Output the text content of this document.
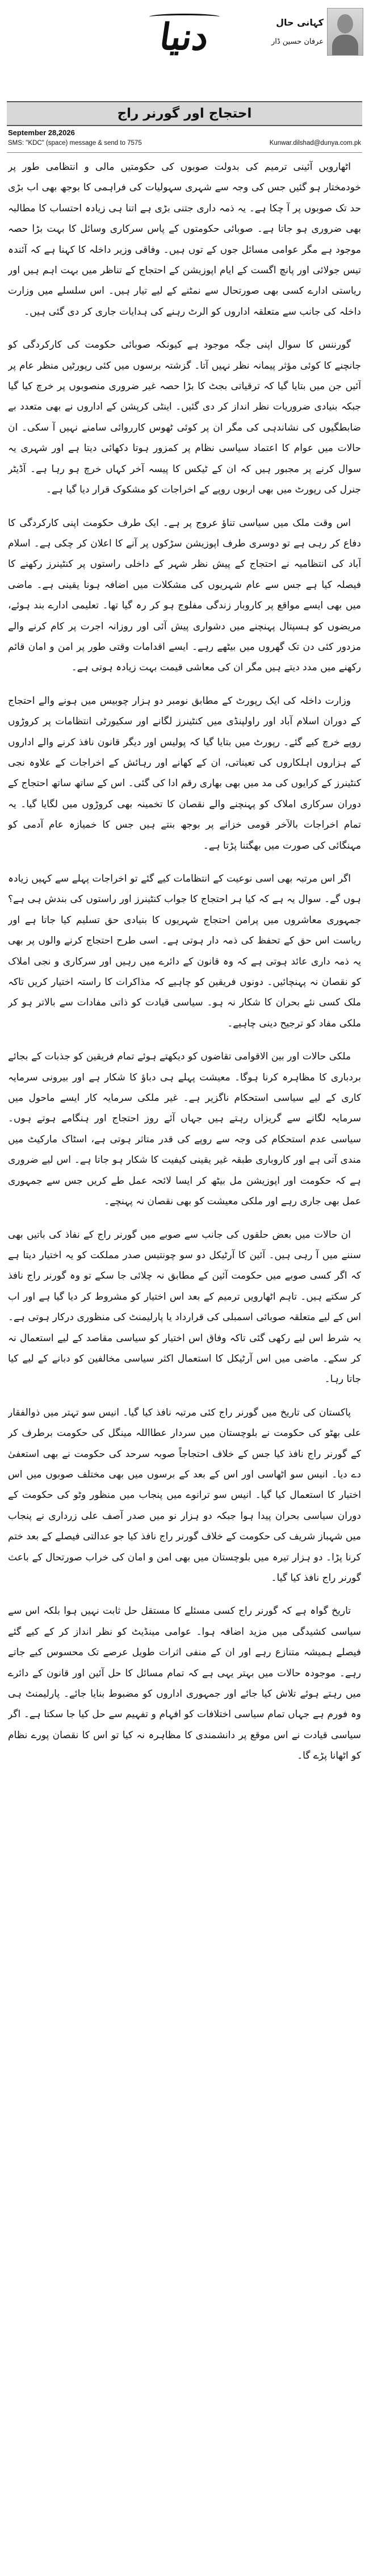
دنیا	کہانی حال
عرفان حسین ڈار
احتجاج اور گورنر راج
September 28,2026
SMS: "KDC" (space) message & send to 7575	Kunwar.dilshad@dunya.com.pk

اٹھارویں آئینی ترمیم کی بدولت صوبوں کی حکومتیں مالی و انتظامی طور پر خودمختار ہو گئیں جس کی وجہ سے شہری سہولیات کی فراہمی کا بوجھ بھی اب بڑی حد تک صوبوں پر آ چکا ہے۔ یہ ذمہ داری جتنی بڑی ہے اتنا ہی زیادہ احتساب کا مطالبہ بھی ضروری ہو جاتا ہے۔ صوبائی حکومتوں کے پاس سرکاری وسائل کا بہت بڑا حصہ موجود ہے مگر عوامی مسائل جوں کے توں ہیں۔ وفاقی وزیر داخلہ کا کہنا ہے کہ آئندہ تیس جولائی اور پانچ اگست کے ایام اپوزیشن کے احتجاج کے تناظر میں بہت اہم ہیں اور ریاستی ادارے کسی بھی صورتحال سے نمٹنے کے لیے تیار ہیں۔ اس سلسلے میں وزارت داخلہ کی جانب سے متعلقہ اداروں کو الرٹ رہنے کی ہدایات جاری کر دی گئی ہیں۔

گورننس کا سوال اپنی جگہ موجود ہے کیونکہ صوبائی حکومت کی کارکردگی کو جانچنے کا کوئی مؤثر پیمانہ نظر نہیں آتا۔ گزشتہ برسوں میں کئی رپورٹیں منظر عام پر آئیں جن میں بتایا گیا کہ ترقیاتی بجٹ کا بڑا حصہ غیر ضروری منصوبوں پر خرچ کیا گیا جبکہ بنیادی ضروریات نظر انداز کر دی گئیں۔ اینٹی کرپشن کے اداروں نے بھی متعدد بے ضابطگیوں کی نشاندہی کی مگر ان پر کوئی ٹھوس کارروائی سامنے نہیں آ سکی۔ ان حالات میں عوام کا اعتماد سیاسی نظام پر کمزور ہوتا دکھائی دیتا ہے اور شہری یہ سوال کرنے پر مجبور ہیں کہ ان کے ٹیکس کا پیسہ آخر کہاں خرچ ہو رہا ہے۔ آڈیٹر جنرل کی رپورٹ میں بھی اربوں روپے کے اخراجات کو مشکوک قرار دیا گیا ہے۔

اس وقت ملک میں سیاسی تناؤ عروج پر ہے۔ ایک طرف حکومت اپنی کارکردگی کا دفاع کر رہی ہے تو دوسری طرف اپوزیشن سڑکوں پر آنے کا اعلان کر چکی ہے۔ اسلام آباد کی انتظامیہ نے احتجاج کے پیش نظر شہر کے داخلی راستوں پر کنٹینرز رکھنے کا فیصلہ کیا ہے جس سے عام شہریوں کی مشکلات میں اضافہ ہونا یقینی ہے۔ ماضی میں بھی ایسے مواقع پر کاروبار زندگی مفلوج ہو کر رہ گیا تھا۔ تعلیمی ادارے بند ہوئے، مریضوں کو ہسپتال پہنچنے میں دشواری پیش آئی اور روزانہ اجرت پر کام کرنے والے مزدور کئی دن تک گھروں میں بیٹھے رہے۔ ایسے اقدامات وقتی طور پر امن و امان قائم رکھنے میں مدد دیتے ہیں مگر ان کی معاشی قیمت بہت زیادہ ہوتی ہے۔

وزارت داخلہ کی ایک رپورٹ کے مطابق نومبر دو ہزار چوبیس میں ہونے والے احتجاج کے دوران اسلام آباد اور راولپنڈی میں کنٹینرز لگانے اور سکیورٹی انتظامات پر کروڑوں روپے خرچ کیے گئے۔ رپورٹ میں بتایا گیا کہ پولیس اور دیگر قانون نافذ کرنے والے اداروں کے ہزاروں اہلکاروں کی تعیناتی، ان کے کھانے اور رہائش کے اخراجات کے علاوہ نجی کنٹینرز کے کرایوں کی مد میں بھی بھاری رقم ادا کی گئی۔ اس کے ساتھ ساتھ احتجاج کے دوران سرکاری املاک کو پہنچنے والے نقصان کا تخمینہ بھی کروڑوں میں لگایا گیا۔ یہ تمام اخراجات بالآخر قومی خزانے پر بوجھ بنتے ہیں جس کا خمیازہ عام آدمی کو مہنگائی کی صورت میں بھگتنا پڑتا ہے۔

اگر اس مرتبہ بھی اسی نوعیت کے انتظامات کیے گئے تو اخراجات پہلے سے کہیں زیادہ ہوں گے۔ سوال یہ ہے کہ کیا ہر احتجاج کا جواب کنٹینرز اور راستوں کی بندش ہی ہے؟ جمہوری معاشروں میں پرامن احتجاج شہریوں کا بنیادی حق تسلیم کیا جاتا ہے اور ریاست اس حق کے تحفظ کی ذمہ دار ہوتی ہے۔ اسی طرح احتجاج کرنے والوں پر بھی یہ ذمہ داری عائد ہوتی ہے کہ وہ قانون کے دائرے میں رہیں اور سرکاری و نجی املاک کو نقصان نہ پہنچائیں۔ دونوں فریقین کو چاہیے کہ مذاکرات کا راستہ اختیار کریں تاکہ ملک کسی نئے بحران کا شکار نہ ہو۔ سیاسی قیادت کو ذاتی مفادات سے بالاتر ہو کر ملکی مفاد کو ترجیح دینی چاہیے۔

ملکی حالات اور بین الاقوامی تقاضوں کو دیکھتے ہوئے تمام فریقین کو جذبات کے بجائے بردباری کا مظاہرہ کرنا ہوگا۔ معیشت پہلے ہی دباؤ کا شکار ہے اور بیرونی سرمایہ کاری کے لیے سیاسی استحکام ناگزیر ہے۔ غیر ملکی سرمایہ کار ایسے ماحول میں سرمایہ لگانے سے گریزاں رہتے ہیں جہاں آئے روز احتجاج اور ہنگامے ہوتے ہوں۔ سیاسی عدم استحکام کی وجہ سے روپے کی قدر متاثر ہوتی ہے، اسٹاک مارکیٹ میں مندی آتی ہے اور کاروباری طبقہ غیر یقینی کیفیت کا شکار ہو جاتا ہے۔ اس لیے ضروری ہے کہ حکومت اور اپوزیشن مل بیٹھ کر ایسا لائحہ عمل طے کریں جس سے جمہوری عمل بھی جاری رہے اور ملکی معیشت کو بھی نقصان نہ پہنچے۔

ان حالات میں بعض حلقوں کی جانب سے صوبے میں گورنر راج کے نفاذ کی باتیں بھی سننے میں آ رہی ہیں۔ آئین کا آرٹیکل دو سو چونتیس صدر مملکت کو یہ اختیار دیتا ہے کہ اگر کسی صوبے میں حکومت آئین کے مطابق نہ چلائی جا سکے تو وہ گورنر راج نافذ کر سکتے ہیں۔ تاہم اٹھارویں ترمیم کے بعد اس اختیار کو مشروط کر دیا گیا ہے اور اب اس کے لیے متعلقہ صوبائی اسمبلی کی قرارداد یا پارلیمنٹ کی منظوری درکار ہوتی ہے۔ یہ شرط اس لیے رکھی گئی تاکہ وفاق اس اختیار کو سیاسی مقاصد کے لیے استعمال نہ کر سکے۔ ماضی میں اس آرٹیکل کا استعمال اکثر سیاسی مخالفین کو دبانے کے لیے کیا جاتا رہا۔

پاکستان کی تاریخ میں گورنر راج کئی مرتبہ نافذ کیا گیا۔ انیس سو تہتر میں ذوالفقار علی بھٹو کی حکومت نے بلوچستان میں سردار عطااللہ مینگل کی حکومت برطرف کر کے گورنر راج نافذ کیا جس کے خلاف احتجاجاً صوبہ سرحد کی حکومت نے بھی استعفیٰ دے دیا۔ انیس سو اٹھاسی اور اس کے بعد کے برسوں میں بھی مختلف صوبوں میں اس اختیار کا استعمال کیا گیا۔ انیس سو ترانوے میں پنجاب میں منظور وٹو کی حکومت کے دوران سیاسی بحران پیدا ہوا جبکہ دو ہزار نو میں صدر آصف علی زرداری نے پنجاب میں شہباز شریف کی حکومت کے خلاف گورنر راج نافذ کیا جو عدالتی فیصلے کے بعد ختم کرنا پڑا۔ دو ہزار تیرہ میں بلوچستان میں بھی امن و امان کی خراب صورتحال کے باعث گورنر راج نافذ کیا گیا۔

تاریخ گواہ ہے کہ گورنر راج کسی مسئلے کا مستقل حل ثابت نہیں ہوا بلکہ اس سے سیاسی کشیدگی میں مزید اضافہ ہوا۔ عوامی مینڈیٹ کو نظر انداز کر کے کیے گئے فیصلے ہمیشہ متنازع رہے اور ان کے منفی اثرات طویل عرصے تک محسوس کیے جاتے رہے۔ موجودہ حالات میں بہتر یہی ہے کہ تمام مسائل کا حل آئین اور قانون کے دائرے میں رہتے ہوئے تلاش کیا جائے اور جمہوری اداروں کو مضبوط بنایا جائے۔ پارلیمنٹ ہی وہ فورم ہے جہاں تمام سیاسی اختلافات کو افہام و تفہیم سے حل کیا جا سکتا ہے۔ اگر سیاسی قیادت نے اس موقع پر دانشمندی کا مظاہرہ نہ کیا تو اس کا نقصان پورے نظام کو اٹھانا پڑے گا۔
